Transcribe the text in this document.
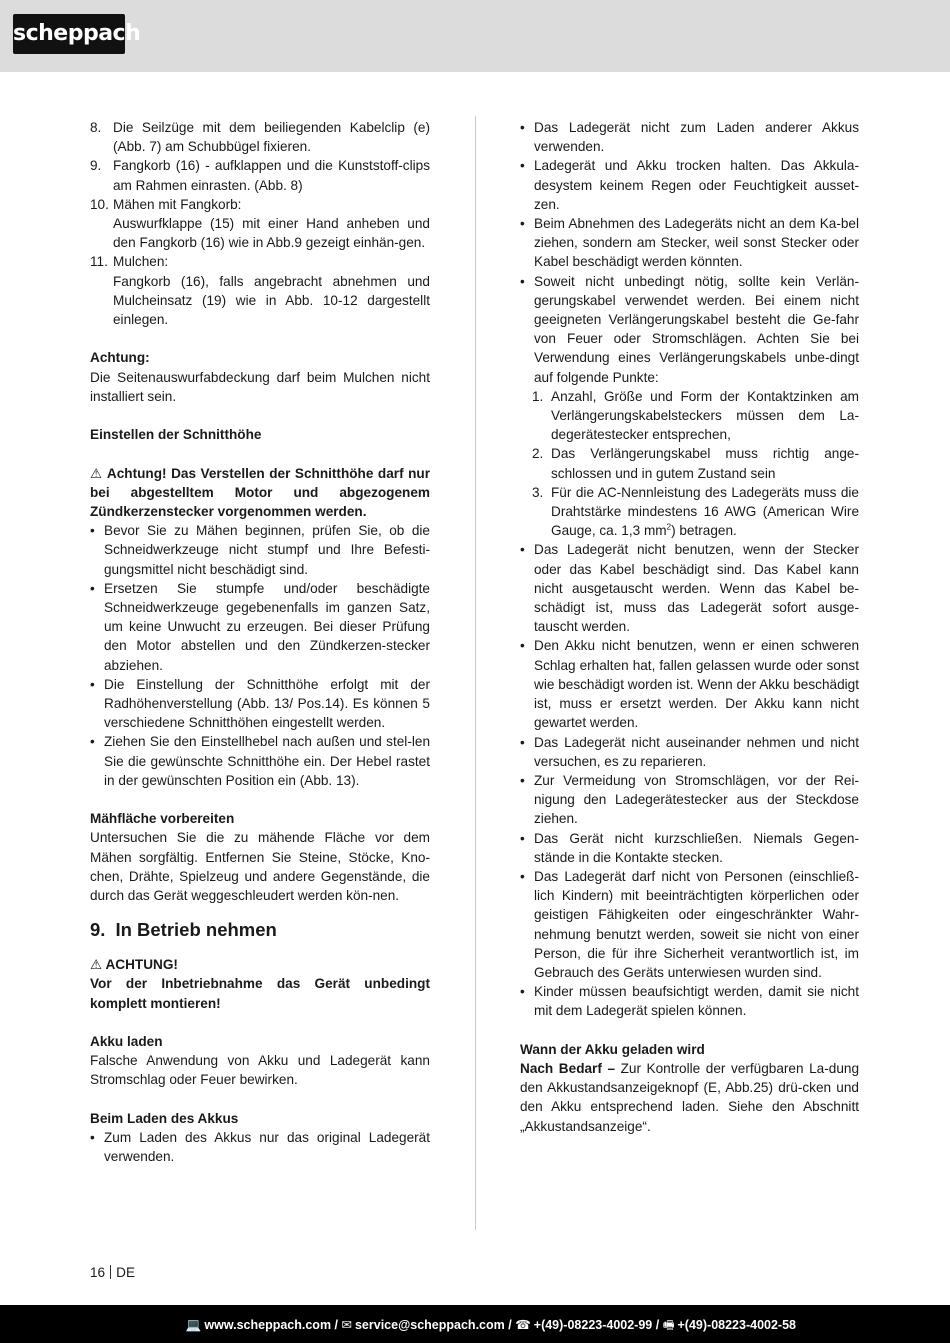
scheppach
8. Die Seilzüge mit dem beiliegenden Kabelclip (e) (Abb. 7) am Schubbügel fixieren.
9. Fangkorb (16) - aufklappen und die Kunststoff-clips am Rahmen einrasten. (Abb. 8)
10. Mähen mit Fangkorb:
Auswurfklappe (15) mit einer Hand anheben und den Fangkorb (16) wie in Abb.9 gezeigt einhän-gen.
11. Mulchen:
Fangkorb (16), falls angebracht abnehmen und Mulcheinsatz (19) wie in Abb. 10-12 dargestellt einlegen.

Achtung:

Die Seitenauswurfabdeckung darf beim Mulchen nicht installiert sein.

Einstellen der Schnitthöhe

⚠ Achtung! Das Verstellen der Schnitthöhe darf nur bei abgestelltem Motor und abgezogenem Zündkerzenstecker vorgenommen werden.

• Bevor Sie zu Mähen beginnen, prüfen Sie, ob die Schneidwerkzeuge nicht stumpf und Ihre Befesti-gungsmittel nicht beschädigt sind.
• Ersetzen Sie stumpfe und/oder beschädigte Schneidwerkzeuge gegebenenfalls im ganzen Satz, um keine Unwucht zu erzeugen. Bei dieser Prüfung den Motor abstellen und den Zündkerzen-stecker abziehen.
• Die Einstellung der Schnitthöhe erfolgt mit der Radhöhenverstellung (Abb. 13/ Pos.14). Es können 5 verschiedene Schnitthöhen eingestellt werden.
• Ziehen Sie den Einstellhebel nach außen und stel-len Sie die gewünschte Schnitthöhe ein. Der Hebel rastet in der gewünschten Position ein (Abb. 13).

Mähfläche vorbereiten

Untersuchen Sie die zu mähende Fläche vor dem Mähen sorgfältig. Entfernen Sie Steine, Stöcke, Kno-chen, Drähte, Spielzeug und andere Gegenstände, die durch das Gerät weggeschleudert werden kön-nen.

9. In Betrieb nehmen

⚠ ACHTUNG!

Vor der Inbetriebnahme das Gerät unbedingt komplett montieren!

Akku laden

Falsche Anwendung von Akku und Ladegerät kann Stromschlag oder Feuer bewirken.

Beim Laden des Akkus

• Zum Laden des Akkus nur das original Ladegerät verwenden.
• Das Ladegerät nicht zum Laden anderer Akkus verwenden.
• Ladegerät und Akku trocken halten. Das Akkula-desystem keinem Regen oder Feuchtigkeit ausset-zen.
• Beim Abnehmen des Ladegeräts nicht an dem Ka-bel ziehen, sondern am Stecker, weil sonst Stecker oder Kabel beschädigt werden könnten.
• Soweit nicht unbedingt nötig, sollte kein Verlän-gerungskabel verwendet werden. Bei einem nicht geeigneten Verlängerungskabel besteht die Ge-fahr von Feuer oder Stromschlägen. Achten Sie bei Verwendung eines Verlängerungskabels unbe-dingt auf folgende Punkte:
1. Anzahl, Größe und Form der Kontaktzinken am Verlängerungskabelsteckers müssen dem La-degerätestecker entsprechen,
2. Das Verlängerungskabel muss richtig ange-schlossen und in gutem Zustand sein
3. Für die AC-Nennleistung des Ladegeräts muss die Drahtstärke mindestens 16 AWG (American Wire Gauge, ca. 1,3 $mm^2$) betragen.
• Das Ladegerät nicht benutzen, wenn der Stecker oder das Kabel beschädigt sind. Das Kabel kann nicht ausgetauscht werden. Wenn das Kabel be-schädigt ist, muss das Ladegerät sofort ausge-tauscht werden.
• Den Akku nicht benutzen, wenn er einen schweren Schlag erhalten hat, fallen gelassen wurde oder sonst wie beschädigt worden ist. Wenn der Akku beschädigt ist, muss er ersetzt werden. Der Akku kann nicht gewartet werden.
• Das Ladegerät nicht auseinander nehmen und nicht versuchen, es zu reparieren.
• Zur Vermeidung von Stromschlägen, vor der Rei-nigung den Ladegerätestecker aus der Steckdose ziehen.
• Das Gerät nicht kurzschließen. Niemals Gegen-stände in die Kontakte stecken.
• Das Ladegerät darf nicht von Personen (einschließ-lich Kindern) mit beeinträchtigten körperlichen oder geistigen Fähigkeiten oder eingeschränkter Wahr-nehmung benutzt werden, soweit sie nicht von einer Person, die für ihre Sicherheit verantwortlich ist, im Gebrauch des Geräts unterwiesen wurden sind.
• Kinder müssen beaufsichtigt werden, damit sie nicht mit dem Ladegerät spielen können.

Wann der Akku geladen wird

Nach Bedarf – Zur Kontrolle der verfügbaren La-dung den Akkustandsanzeigeknopf (E, Abb.25) drü-cken und den Akku entsprechend laden. Siehe den Abschnitt „Akkustandsanzeige“.

16 DE
💻 www.scheppach.com / ✉ service@scheppach.com / ☎ +(49)-08223-4002-99 / 🖷 +(49)-08223-4002-58
